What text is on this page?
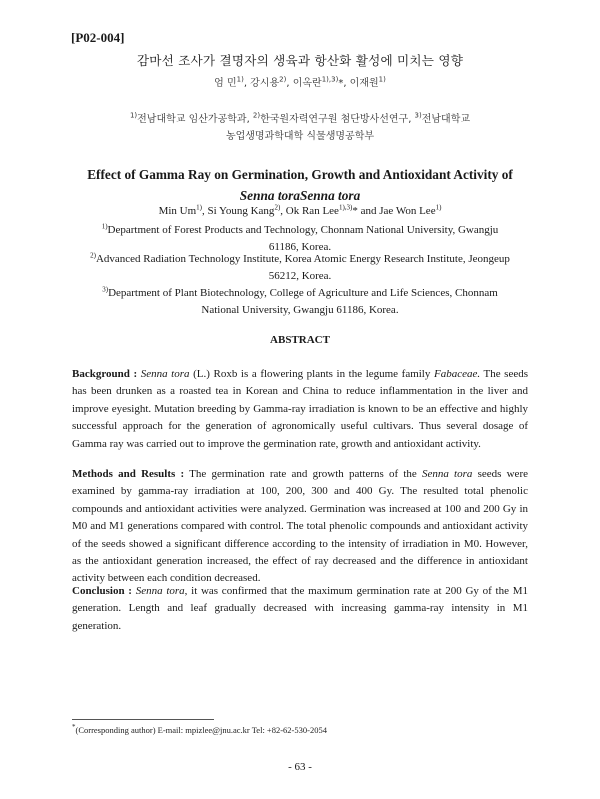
[P02-004]
감마선 조사가 결명자의 생육과 항산화 활성에 미치는 영향
엄 민$^{1)}$, 강시용$^{2)}$, 이옥란$^{1),3)}$*, 이재원$^{1)}$
$^{1)}$전남대학교 임산가공학과, $^{2)}$한국원자력연구원 첨단방사선연구, $^{3)}$전남대학교
농업생명과학대학 식물생명공학부
Effect of Gamma Ray on Germination, Growth and Antioxidant Activity of
Senna toraSenna tora
Min Um$^{1)}$, Si Young Kang$^{2)}$, Ok Ran Lee$^{1),3)}$* and Jae Won Lee$^{1)}$
$^{1)}$Department of Forest Products and Technology, Chonnam National University, Gwangju
61186, Korea.
$^{2)}$Advanced Radiation Technology Institute, Korea Atomic Energy Research Institute, Jeongeup
56212, Korea.
$^{3)}$Department of Plant Biotechnology, College of Agriculture and Life Sciences, Chonnam
National University, Gwangju 61186, Korea.
ABSTRACT
Background : Senna tora (L.) Roxb is a flowering plants in the legume family Fabaceae. The seeds has been drunken as a roasted tea in Korean and China to reduce inflammentation in the liver and improve eyesight. Mutation breeding by Gamma-ray irradiation is known to be an effective and highly successful approach for the generation of agronomically useful cultivars. Thus several dosage of Gamma ray was carried out to improve the germination rate, growth and antioxidant activity.
Methods and Results : The germination rate and growth patterns of the Senna tora seeds were examined by gamma-ray irradiation at 100, 200, 300 and 400 Gy. The resulted total phenolic compounds and antioxidant activities were analyzed. Germination was increased at 100 and 200 Gy in M0 and M1 generations compared with control. The total phenolic compounds and antioxidant activity of the seeds showed a significant difference according to the intensity of irradiation in M0. However, as the antioxidant generation increased, the effect of ray decreased and the difference in antioxidant activity between each condition decreased.
Conclusion : Senna tora, it was confirmed that the maximum germination rate at 200 Gy of the M1 generation. Length and leaf gradually decreased with increasing gamma-ray intensity in M1 generation.
*(Corresponding author) E-mail: mpizlee@jnu.ac.kr Tel: +82-62-530-2054
- 63 -
